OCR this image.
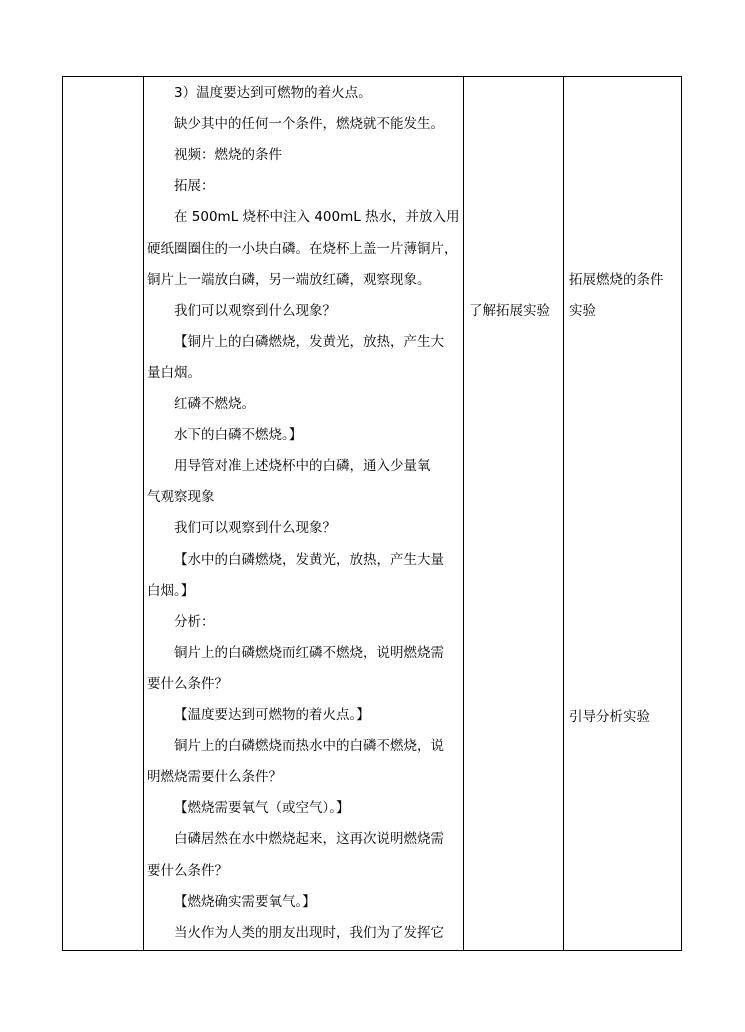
3）温度要达到可燃物的着火点。
缺少其中的任何一个条件，燃烧就不能发生。
视频：燃烧的条件
拓展：
在 500mL 烧杯中注入 400mL 热水，并放入用
硬纸圈圈住的一小块白磷。在烧杯上盖一片薄铜片，
铜片上一端放白磷，另一端放红磷，观察现象。
我们可以观察到什么现象？
【铜片上的白磷燃烧，发黄光，放热，产生大
量白烟。
红磷不燃烧。
水下的白磷不燃烧。】
用导管对准上述烧杯中的白磷，通入少量氧
气观察现象
我们可以观察到什么现象？
【水中的白磷燃烧，发黄光，放热，产生大量
白烟。】
分析：
铜片上的白磷燃烧而红磷不燃烧，说明燃烧需
要什么条件？
【温度要达到可燃物的着火点。】
铜片上的白磷燃烧而热水中的白磷不燃烧，说
明燃烧需要什么条件？
【燃烧需要氧气（或空气）。】
白磷居然在水中燃烧起来，这再次说明燃烧需
要什么条件？
【燃烧确实需要氧气。】
当火作为人类的朋友出现时，我们为了发挥它
了解拓展实验
拓展燃烧的条件
实验
引导分析实验
